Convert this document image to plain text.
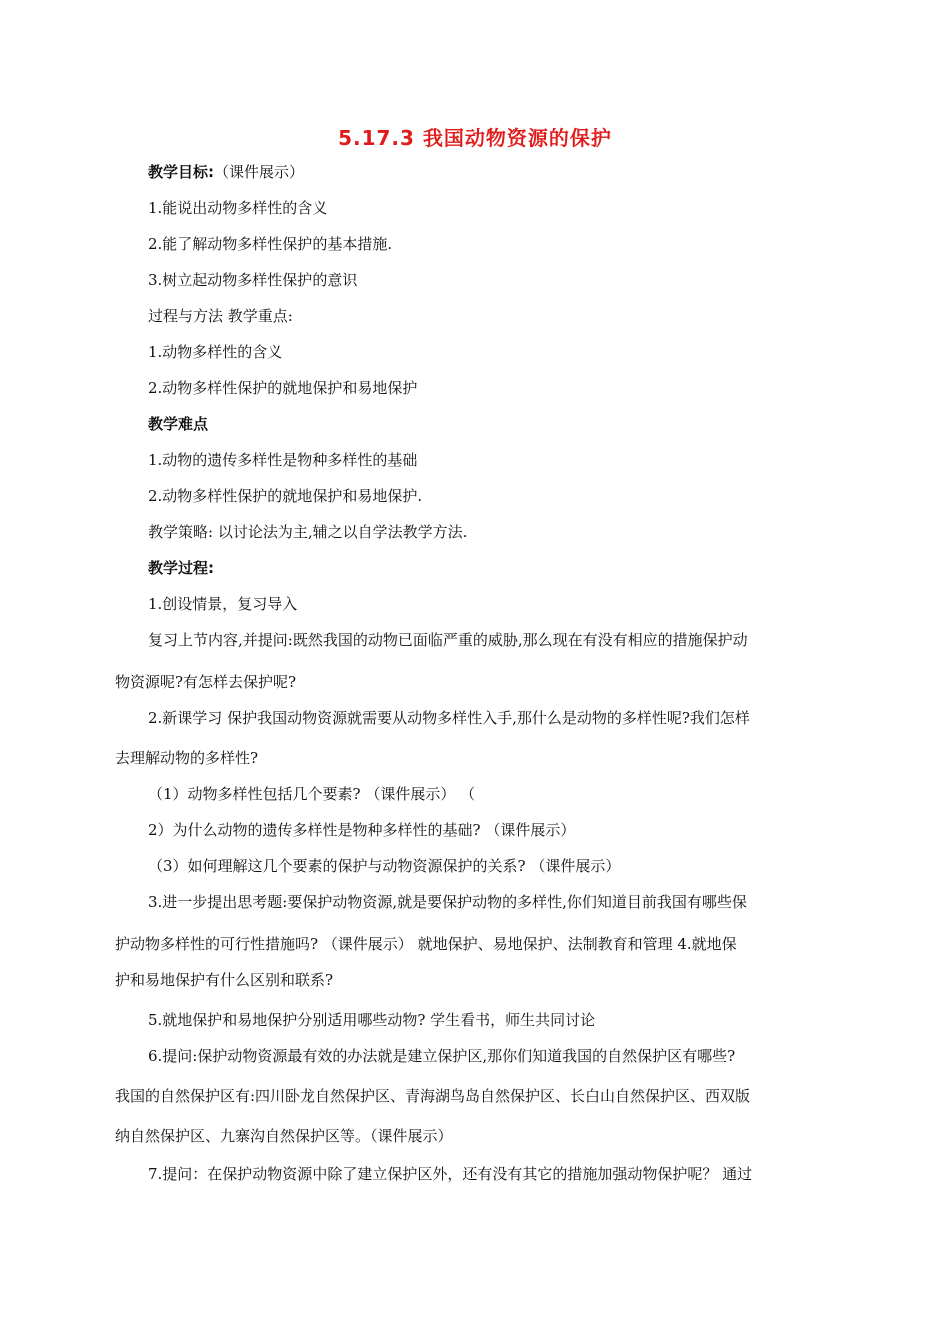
5.17.3 我国动物资源的保护
教学目标:（课件展示）
1.能说出动物多样性的含义
2.能了解动物多样性保护的基本措施.
3.树立起动物多样性保护的意识
过程与方法 教学重点:
1.动物多样性的含义
2.动物多样性保护的就地保护和易地保护
教学难点
1.动物的遗传多样性是物种多样性的基础
2.动物多样性保护的就地保护和易地保护.
教学策略: 以讨论法为主,辅之以自学法教学方法.
教学过程:
1.创设情景，复习导入
复习上节内容,并提问:既然我国的动物已面临严重的威胁,那么现在有没有相应的措施保护动
物资源呢?有怎样去保护呢?
2.新课学习 保护我国动物资源就需要从动物多样性入手,那什么是动物的多样性呢?我们怎样
去理解动物的多样性?
（1）动物多样性包括几个要素? （课件展示） （
2）为什么动物的遗传多样性是物种多样性的基础? （课件展示）
（3）如何理解这几个要素的保护与动物资源保护的关系? （课件展示）
3.进一步提出思考题:要保护动物资源,就是要保护动物的多样性,你们知道目前我国有哪些保
护动物多样性的可行性措施吗? （课件展示） 就地保护、易地保护、法制教育和管理 4.就地保
护和易地保护有什么区别和联系?
5.就地保护和易地保护分别适用哪些动物? 学生看书，师生共同讨论
6.提问:保护动物资源最有效的办法就是建立保护区,那你们知道我国的自然保护区有哪些?
我国的自然保护区有:四川卧龙自然保护区、青海湖鸟岛自然保护区、长白山自然保护区、西双版
纳自然保护区、九寨沟自然保护区等。（课件展示）
7.提问：在保护动物资源中除了建立保护区外，还有没有其它的措施加强动物保护呢？ 通过
